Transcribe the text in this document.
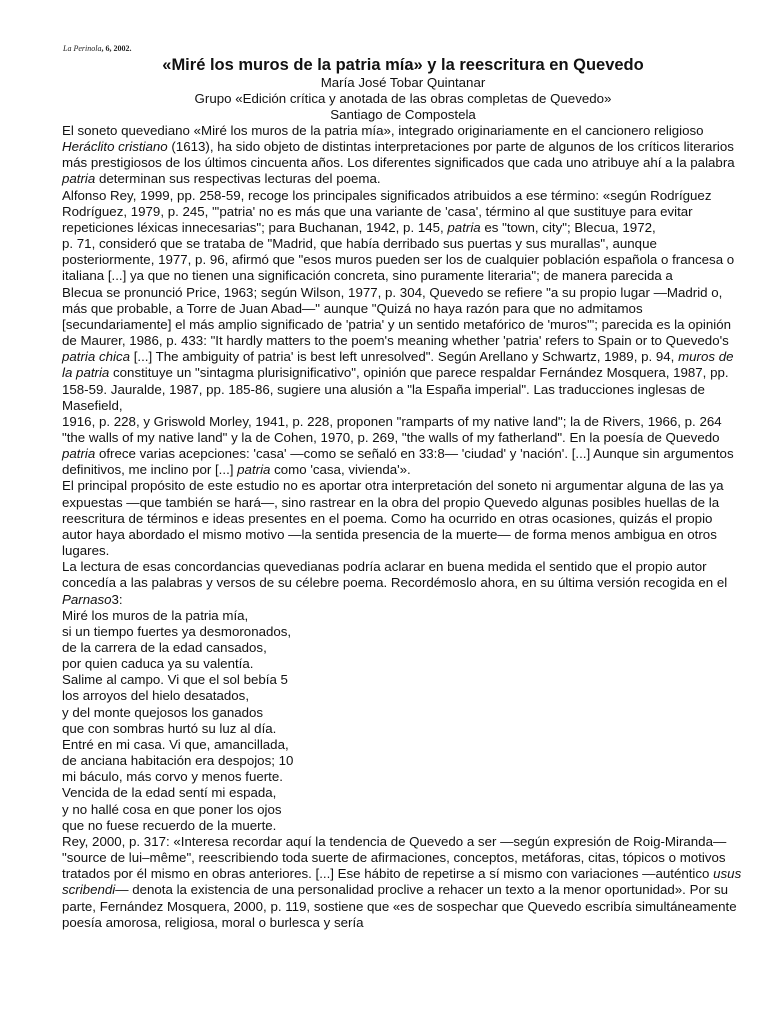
La Perinola, 6, 2002.
«Miré los muros de la patria mía» y la reescritura en Quevedo

María José Tobar Quintanar

Grupo «Edición crítica y anotada de las obras completas de Quevedo»

Santiago de Compostela

El soneto quevediano «Miré los muros de la patria mía», integrado originariamente en el cancionero religioso Heráclito cristiano (1613), ha sido objeto de distintas interpretaciones por parte de algunos de los críticos literarios más prestigiosos de los últimos cincuenta años. Los diferentes significados que cada uno atribuye ahí a la palabra patria determinan sus respectivas lecturas del poema.

Alfonso Rey, 1999, pp. 258-59, recoge los principales significados atribuidos a ese término: «según Rodríguez Rodríguez, 1979, p. 245, "'patria' no es más que una variante de 'casa', término al que sustituye para evitar repeticiones léxicas innecesarias"; para Buchanan, 1942, p. 145, patria es "town, city"; Blecua, 1972,

p. 71, consideró que se trataba de "Madrid, que había derribado sus puertas y sus murallas", aunque posteriormente, 1977, p. 96, afirmó que "esos muros pueden ser los de cualquier población española o francesa o italiana [...] ya que no tienen una significación concreta, sino puramente literaria"; de manera parecida a

Blecua se pronunció Price, 1963; según Wilson, 1977, p. 304, Quevedo se refiere "a su propio lugar —Madrid o, más que probable, a Torre de Juan Abad—" aunque "Quizá no haya razón para que no admitamos [secundariamente] el más amplio significado de 'patria' y un sentido metafórico de 'muros'"; parecida es la opinión de Maurer, 1986, p. 433: "It hardly matters to the poem's meaning whether 'patria' refers to Spain or to Quevedo's patria chica [...] The ambiguity of patria' is best left unresolved". Según Arellano y Schwartz, 1989, p. 94, muros de la patria constituye un "sintagma plurisignificativo", opinión que parece respaldar Fernández Mosquera, 1987, pp. 158-59. Jauralde, 1987, pp. 185-86, sugiere una alusión a "la España imperial". Las traducciones inglesas de Masefield,

1916, p. 228, y Griswold Morley, 1941, p. 228, proponen "ramparts of my native land"; la de Rivers, 1966, p. 264 "the walls of my native land" y la de Cohen, 1970, p. 269, "the walls of my fatherland". En la poesía de Quevedo patria ofrece varias acepciones: 'casa' —como se señaló en 33:8— 'ciudad' y 'nación'. [...] Aunque sin argumentos definitivos, me inclino por [...] patria como 'casa, vivienda'».

El principal propósito de este estudio no es aportar otra interpretación del soneto ni argumentar alguna de las ya expuestas —que también se hará—, sino rastrear en la obra del propio Quevedo algunas posibles huellas de la reescritura de términos e ideas presentes en el poema. Como ha ocurrido en otras ocasiones, quizás el propio autor haya abordado el mismo motivo —la sentida presencia de la muerte— de forma menos ambigua en otros lugares.

La lectura de esas concordancias quevedianas podría aclarar en buena medida el sentido que el propio autor concedía a las palabras y versos de su célebre poema. Recordémoslo ahora, en su última versión recogida en el Parnaso3:

Miré los muros de la patria mía,
si un tiempo fuertes ya desmoronados,
de la carrera de la edad cansados,
por quien caduca ya su valentía.
Salime al campo. Vi que el sol bebía 5
los arroyos del hielo desatados,
y del monte quejosos los ganados
que con sombras hurtó su luz al día.
Entré en mi casa. Vi que, amancillada,
de anciana habitación era despojos; 10
mi báculo, más corvo y menos fuerte.
Vencida de la edad sentí mi espada,
y no hallé cosa en que poner los ojos
que no fuese recuerdo de la muerte.

Rey, 2000, p. 317: «Interesa recordar aquí la tendencia de Quevedo a ser —según expresión de Roig-Miranda— "source de lui–même", reescribiendo toda suerte de afirmaciones, conceptos, metáforas, citas, tópicos o motivos tratados por él mismo en obras anteriores. [...] Ese hábito de repetirse a sí mismo con variaciones —auténtico usus scribendi— denota la existencia de una personalidad proclive a rehacer un texto a la menor oportunidad». Por su parte, Fernández Mosquera, 2000, p. 119, sostiene que «es de sospechar que Quevedo escribía simultáneamente poesía amorosa, religiosa, moral o burlesca y sería
